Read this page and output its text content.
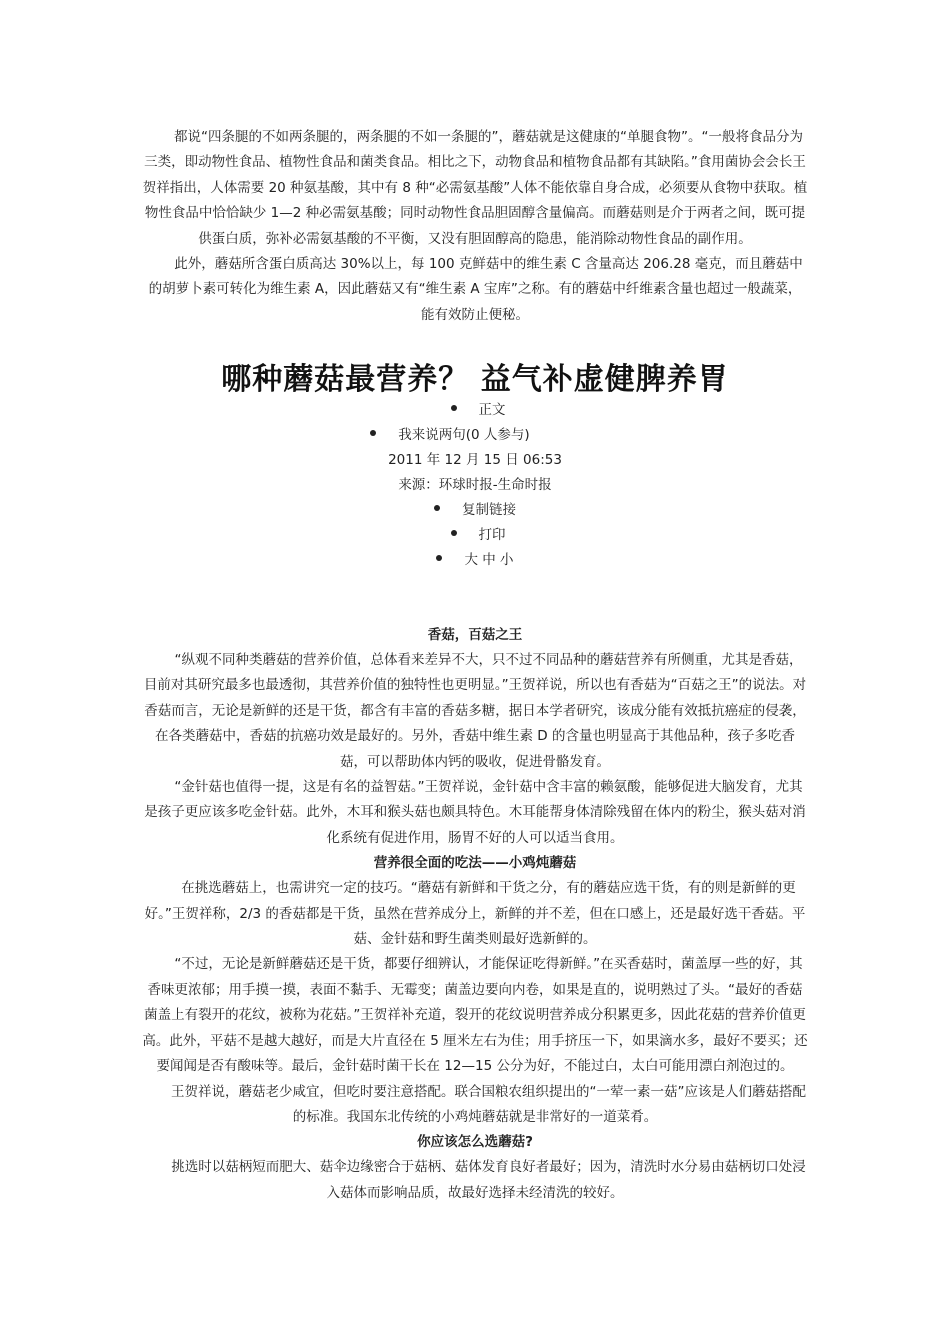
都说“四条腿的不如两条腿的，两条腿的不如一条腿的”，蘑菇就是这健康的“单腿食物”。“一般将食品分为三类，即动物性食品、植物性食品和菌类食品。相比之下，动物食品和植物食品都有其缺陷。”食用菌协会会长王贺祥指出，人体需要 20 种氨基酸，其中有 8 种“必需氨基酸”人体不能依靠自身合成，必须要从食物中获取。植物性食品中恰恰缺少 1—2 种必需氨基酸；同时动物性食品胆固醇含量偏高。而蘑菇则是介于两者之间，既可提供蛋白质，弥补必需氨基酸的不平衡，又没有胆固醇高的隐患，能消除动物性食品的副作用。

此外，蘑菇所含蛋白质高达 30%以上，每 100 克鲜菇中的维生素 C 含量高达 206.28 毫克，而且蘑菇中的胡萝卜素可转化为维生素 A，因此蘑菇又有“维生素 A 宝库”之称。有的蘑菇中纤维素含量也超过一般蔬菜，能有效防止便秘。

哪种蘑菇最营养？ 益气补虚健脾养胃
正文
我来说两句(0 人参与)
2011 年 12 月 15 日 06:53
来源：环球时报-生命时报
复制链接
打印
大 中 小

香菇，百菇之王

“纵观不同种类蘑菇的营养价值，总体看来差异不大，只不过不同品种的蘑菇营养有所侧重，尤其是香菇，目前对其研究最多也最透彻，其营养价值的独特性也更明显。”王贺祥说，所以也有香菇为“百菇之王”的说法。对香菇而言，无论是新鲜的还是干货，都含有丰富的香菇多糖，据日本学者研究，该成分能有效抵抗癌症的侵袭，在各类蘑菇中，香菇的抗癌功效是最好的。另外，香菇中维生素 D 的含量也明显高于其他品种，孩子多吃香菇，可以帮助体内钙的吸收，促进骨骼发育。

“金针菇也值得一提，这是有名的益智菇。”王贺祥说，金针菇中含丰富的赖氨酸，能够促进大脑发育，尤其是孩子更应该多吃金针菇。此外，木耳和猴头菇也颇具特色。木耳能帮身体清除残留在体内的粉尘，猴头菇对消化系统有促进作用，肠胃不好的人可以适当食用。

营养很全面的吃法——小鸡炖蘑菇

在挑选蘑菇上，也需讲究一定的技巧。“蘑菇有新鲜和干货之分，有的蘑菇应选干货，有的则是新鲜的更好。”王贺祥称，2/3 的香菇都是干货，虽然在营养成分上，新鲜的并不差，但在口感上，还是最好选干香菇。平菇、金针菇和野生菌类则最好选新鲜的。

“不过，无论是新鲜蘑菇还是干货，都要仔细辨认，才能保证吃得新鲜。”在买香菇时，菌盖厚一些的好，其香味更浓郁；用手摸一摸，表面不黏手、无霉变；菌盖边要向内卷，如果是直的，说明熟过了头。“最好的香菇菌盖上有裂开的花纹，被称为花菇。”王贺祥补充道，裂开的花纹说明营养成分积累更多，因此花菇的营养价值更高。此外，平菇不是越大越好，而是大片直径在 5 厘米左右为佳；用手挤压一下，如果滴水多，最好不要买；还要闻闻是否有酸味等。最后，金针菇时菌干长在 12—15 公分为好，不能过白，太白可能用漂白剂泡过的。

王贺祥说，蘑菇老少咸宜，但吃时要注意搭配。联合国粮农组织提出的“一荤一素一菇”应该是人们蘑菇搭配的标准。我国东北传统的小鸡炖蘑菇就是非常好的一道菜肴。

你应该怎么选蘑菇?

挑选时以菇柄短而肥大、菇伞边缘密合于菇柄、菇体发育良好者最好；因为，清洗时水分易由菇柄切口处浸入菇体而影响品质，故最好选择未经清洗的较好。
